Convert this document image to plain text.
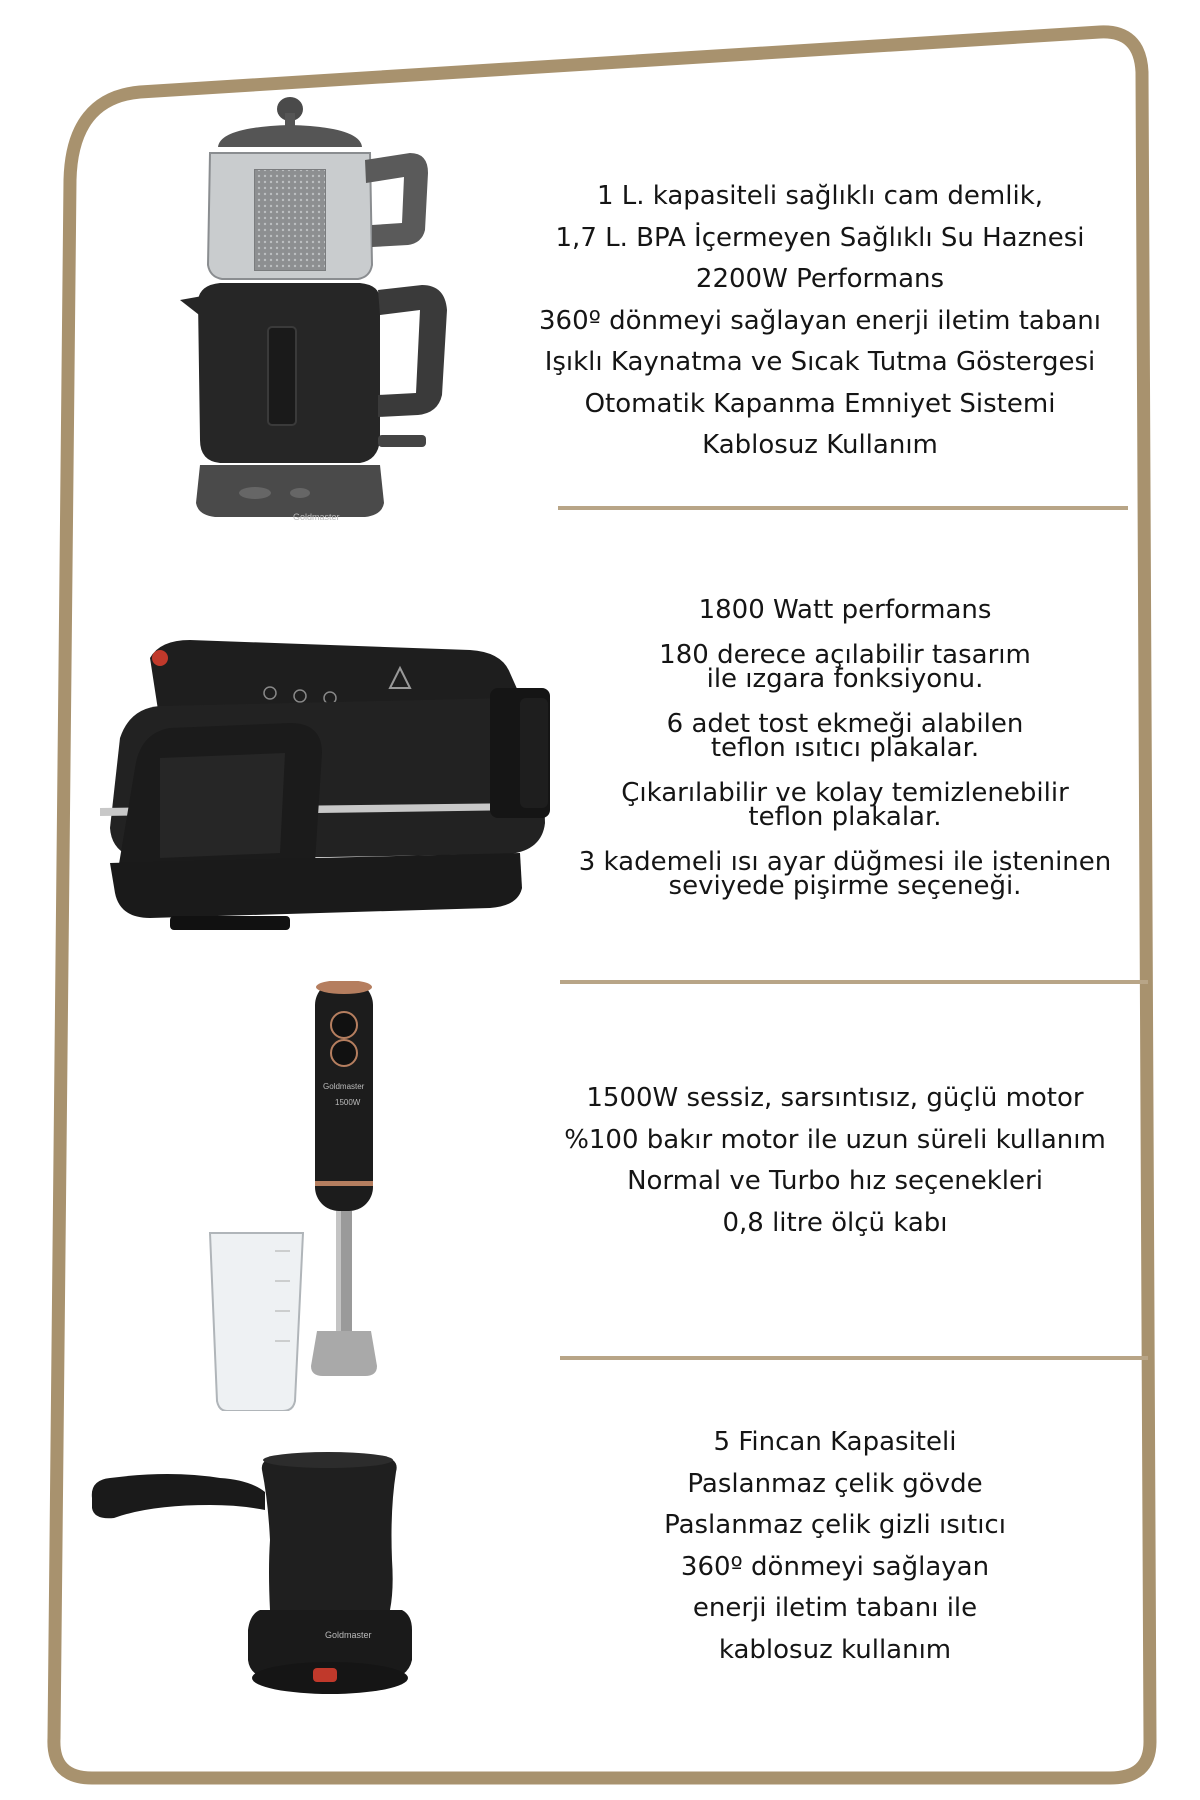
Goldmaster
1 L. kapasiteli sağlıklı cam demlik,
1,7 L. BPA İçermeyen Sağlıklı Su Haznesi
2200W Performans
360º dönmeyi sağlayan enerji iletim tabanı
Işıklı Kaynatma ve Sıcak Tutma Göstergesi
Otomatik Kapanma Emniyet Sistemi
Kablosuz Kullanım
1800 Watt performans
180 derece açılabilir tasarım
ile ızgara fonksiyonu.
6 adet tost ekmeği alabilen
teflon ısıtıcı plakalar.
Çıkarılabilir ve kolay temizlenebilir
teflon plakalar.
3 kademeli ısı ayar düğmesi ile isteninen
seviyede pişirme seçeneği.
Goldmaster
1500W	1500W sessiz, sarsıntısız, güçlü motor
%100 bakır motor ile uzun süreli kullanım
Normal ve Turbo hız seçenekleri
0,8 litre ölçü kabı
Goldmaster
5 Fincan Kapasiteli
Paslanmaz çelik gövde
Paslanmaz çelik gizli ısıtıcı
360º dönmeyi sağlayan
enerji iletim tabanı ile
kablosuz kullanım
